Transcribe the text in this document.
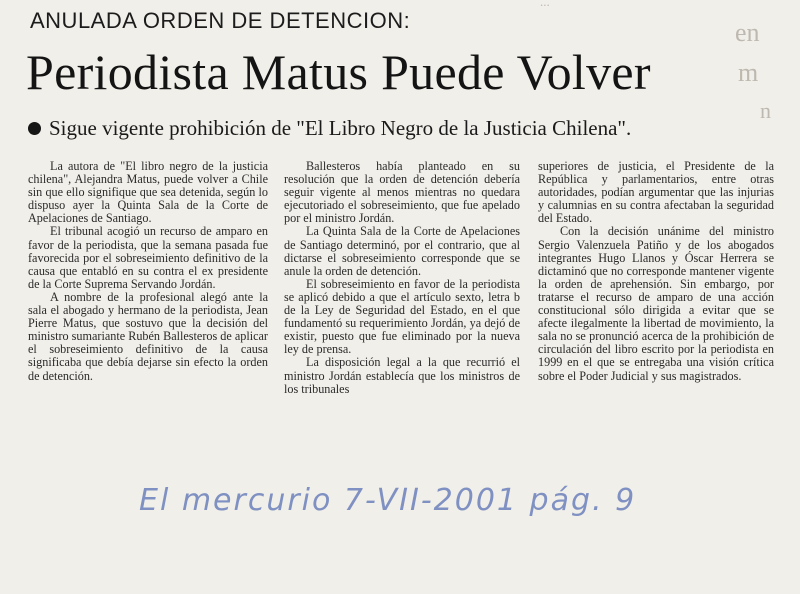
...
en
m
n
ANULADA ORDEN DE DETENCION:
Periodista Matus Puede Volver
Sigue vigente prohibición de "El Libro Negro de la Justicia Chilena".

La autora de "El libro negro de la justicia chilena", Alejandra Matus, puede volver a Chile sin que ello signifique que sea detenida, según lo dispuso ayer la Quinta Sala de la Corte de Apelaciones de Santiago.

El tribunal acogió un recurso de amparo en favor de la periodista, que la semana pasada fue favorecida por el sobreseimiento definitivo de la causa que entabló en su contra el ex presidente de la Corte Suprema Servando Jordán.

A nombre de la profesional alegó ante la sala el abogado y hermano de la periodista, Jean Pierre Matus, que sostuvo que la decisión del ministro sumariante Rubén Ballesteros de aplicar el sobreseimiento definitivo de la causa significaba que debía dejarse sin efecto la orden de detención.

Ballesteros había planteado en su resolución que la orden de detención debería seguir vigente al menos mientras no quedara ejecutoriado el sobreseimiento, que fue apelado por el ministro Jordán.

La Quinta Sala de la Corte de Apelaciones de Santiago determinó, por el contrario, que al dictarse el sobreseimiento corresponde que se anule la orden de detención.

El sobreseimiento en favor de la periodista se aplicó debido a que el artículo sexto, letra b de la Ley de Seguridad del Estado, en el que fundamentó su requerimiento Jordán, ya dejó de existir, puesto que fue eliminado por la nueva ley de prensa.

La disposición legal a la que recurrió el ministro Jordán establecía que los ministros de los tribunales

superiores de justicia, el Presidente de la República y parlamentarios, entre otras autoridades, podían argumentar que las injurias y calumnias en su contra afectaban la seguridad del Estado.

Con la decisión unánime del ministro Sergio Valenzuela Patiño y de los abogados integrantes Hugo Llanos y Óscar Herrera se dictaminó que no corresponde mantener vigente la orden de aprehensión. Sin embargo, por tratarse el recurso de amparo de una acción constitucional sólo dirigida a evitar que se afecte ilegalmente la libertad de movimiento, la sala no se pronunció acerca de la prohibición de circulación del libro escrito por la periodista en 1999 en el que se entregaba una visión crítica sobre el Poder Judicial y sus magistrados.

El mercurio 7-VII-2001 pág. 9
